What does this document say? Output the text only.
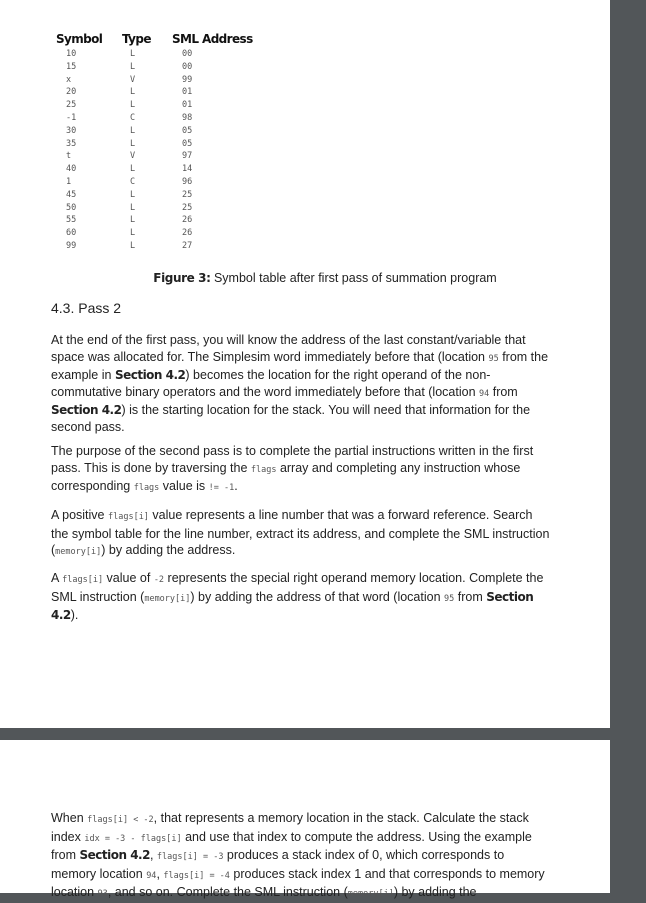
Symbol	Type	SML Address
10	L	00
15	L	00
x	V	99
20	L	01
25	L	01
-1	C	98
30	L	05
35	L	05
t	V	97
40	L	14
1	C	96
45	L	25
50	L	25
55	L	26
60	L	26
99	L	27
Figure 3: Symbol table after first pass of summation program
4.3. Pass 2

At the end of the first pass, you will know the address of the last constant/variable that space was allocated for. The Simplesim word immediately before that (location 95 from the example in Section 4.2) becomes the location for the right operand of the non-commutative binary operators and the word immediately before that (location 94 from Section 4.2) is the starting location for the stack. You will need that information for the second pass.

The purpose of the second pass is to complete the partial instructions written in the first pass. This is done by traversing the flags array and completing any instruction whose corresponding flags value is != -1.

A positive flags[i] value represents a line number that was a forward reference. Search the symbol table for the line number, extract its address, and complete the SML instruction (memory[i]) by adding the address.

A flags[i] value of -2 represents the special right operand memory location. Complete the SML instruction (memory[i]) by adding the address of that word (location 95 from Section 4.2).

When flags[i] < -2, that represents a memory location in the stack. Calculate the stack index idx = -3 - flags[i] and use that index to compute the address. Using the example from Section 4.2, flags[i] = -3 produces a stack index of 0, which corresponds to memory location 94, flags[i] = -4 produces stack index 1 and that corresponds to memory location 93, and so on. Complete the SML instruction (memory[i]) by adding the
